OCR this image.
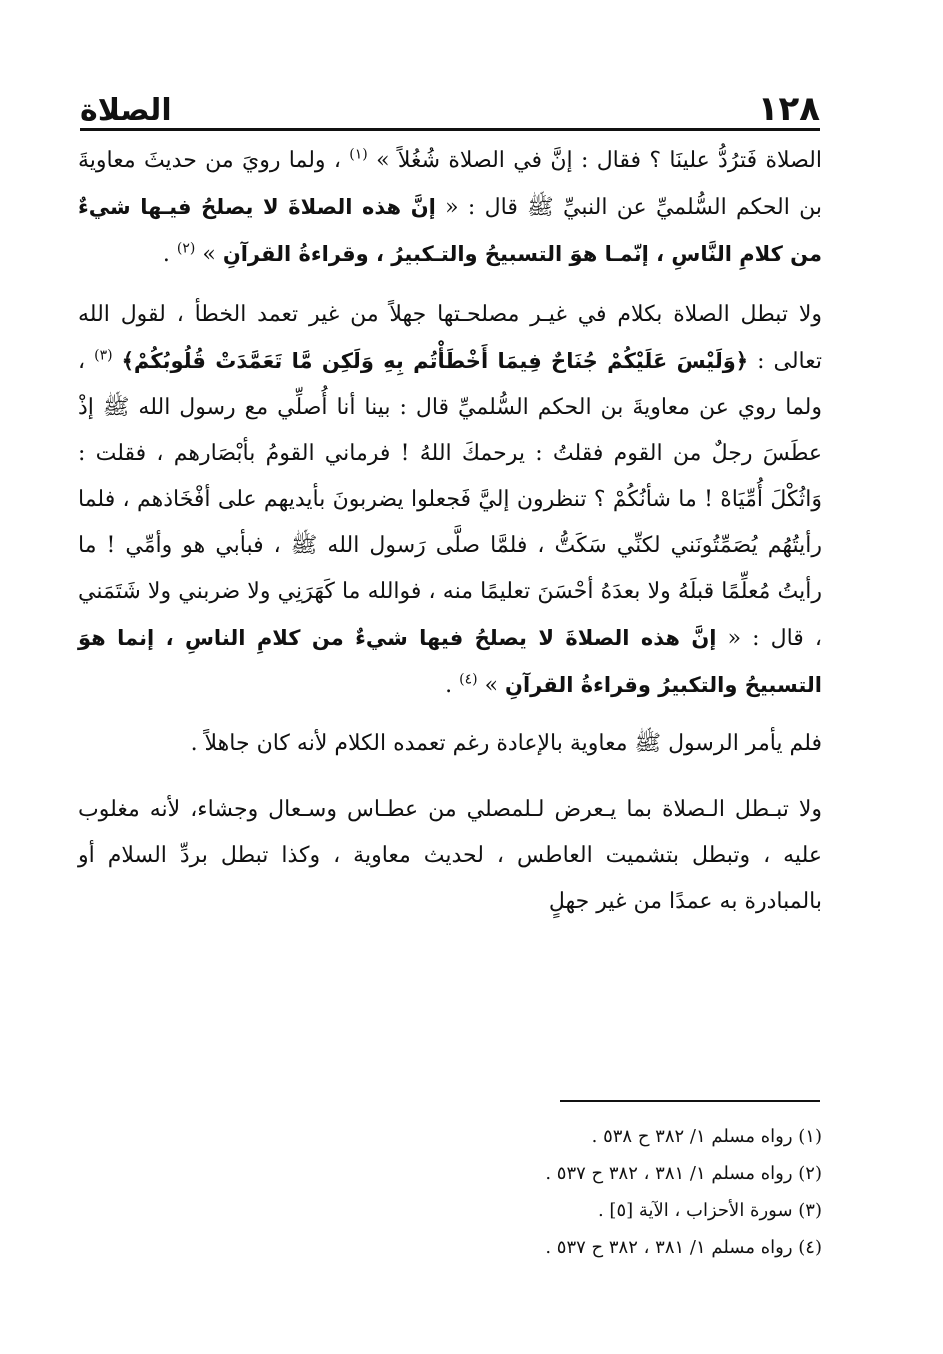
الصلاة	١٢٨

الصلاة فَترُدُّ علينَا ؟ فقال : إنَّ في الصلاة شُغُلاً » $^{(١)}$ ، ولما رويَ من حديثَ معاويةَ بن الحكم السُّلميِّ عن النبيِّ ﷺ قال : « إنَّ هذه الصلاةَ لا يصلحُ فيـها شيءٌ من كلامِ النَّاسِ ، إنّمـا هوَ التسبيحُ والتـكبيرُ ، وقراءةُ القرآنِ » $^{(٢)}$ .

ولا تبطل الصلاة بكلام في غيـر مصلحـتها جهلاً من غير تعمد الخطأ ، لقول الله تعالى : ﴿وَلَيْسَ عَلَيْكُمْ جُنَاحٌ فِيمَا أَخْطَأْتُم بِهِ وَلَكِن مَّا تَعَمَّدَتْ قُلُوبُكُمْ﴾ $^{(٣)}$ ، ولما روي عن معاويةَ بن الحكم السُّلميِّ قال : بينا أنا أُصلِّي مع رسول الله ﷺ إذْ عطَسَ رجلٌ من القوم فقلتُ : يرحمكَ اللهُ ! فرماني القومُ بأبْصَارهم ، فقلت : وَاثُكْلَ أُمِّيَاهْ ! ما شأنُكُمْ ؟ تنظرون إليَّ فَجعلوا يضربونَ بأيديهم على أفْخَاذهم ، فلما رأيتُهُم يُصَمِّتُونَني لكنِّي سَكَتُّ ، فلمَّا صلَّى رَسول الله ﷺ ، فبأبي هو وأمِّي ! ما رأيتُ مُعلِّمًا قبلَهُ ولا بعدَهُ أحْسَنَ تعليمًا منه ، فوالله ما كَهَرَنِي ولا ضربني ولا شَتَمَني ، قال : « إنَّ هذه الصلاةَ لا يصلحُ فيها شيءٌ من كلامِ الناسِ ، إنما هوَ التسبيحُ والتكبيرُ وقراءةُ القرآنِ » $^{(٤)}$ .

فلم يأمر الرسول ﷺ معاوية بالإعادة رغم تعمده الكلام لأنه كان جاهلاً .

ولا تبـطل الـصلاة بما يـعرض لـلمصلي من عطـاس وسـعال وجشاء، لأنه مغلوب عليه ، وتبطل بتشميت العاطس ، لحديث معاوية ، وكذا تبطل بردِّ السلام أو بالمبادرة به عمدًا من غير جهلٍ

(١) رواه مسلم ١/ ٣٨٢ ح ٥٣٨ .

(٢) رواه مسلم ١/ ٣٨١ ، ٣٨٢ ح ٥٣٧ .

(٣) سورة الأحزاب ، الآية [٥] .

(٤) رواه مسلم ١/ ٣٨١ ، ٣٨٢ ح ٥٣٧ .
